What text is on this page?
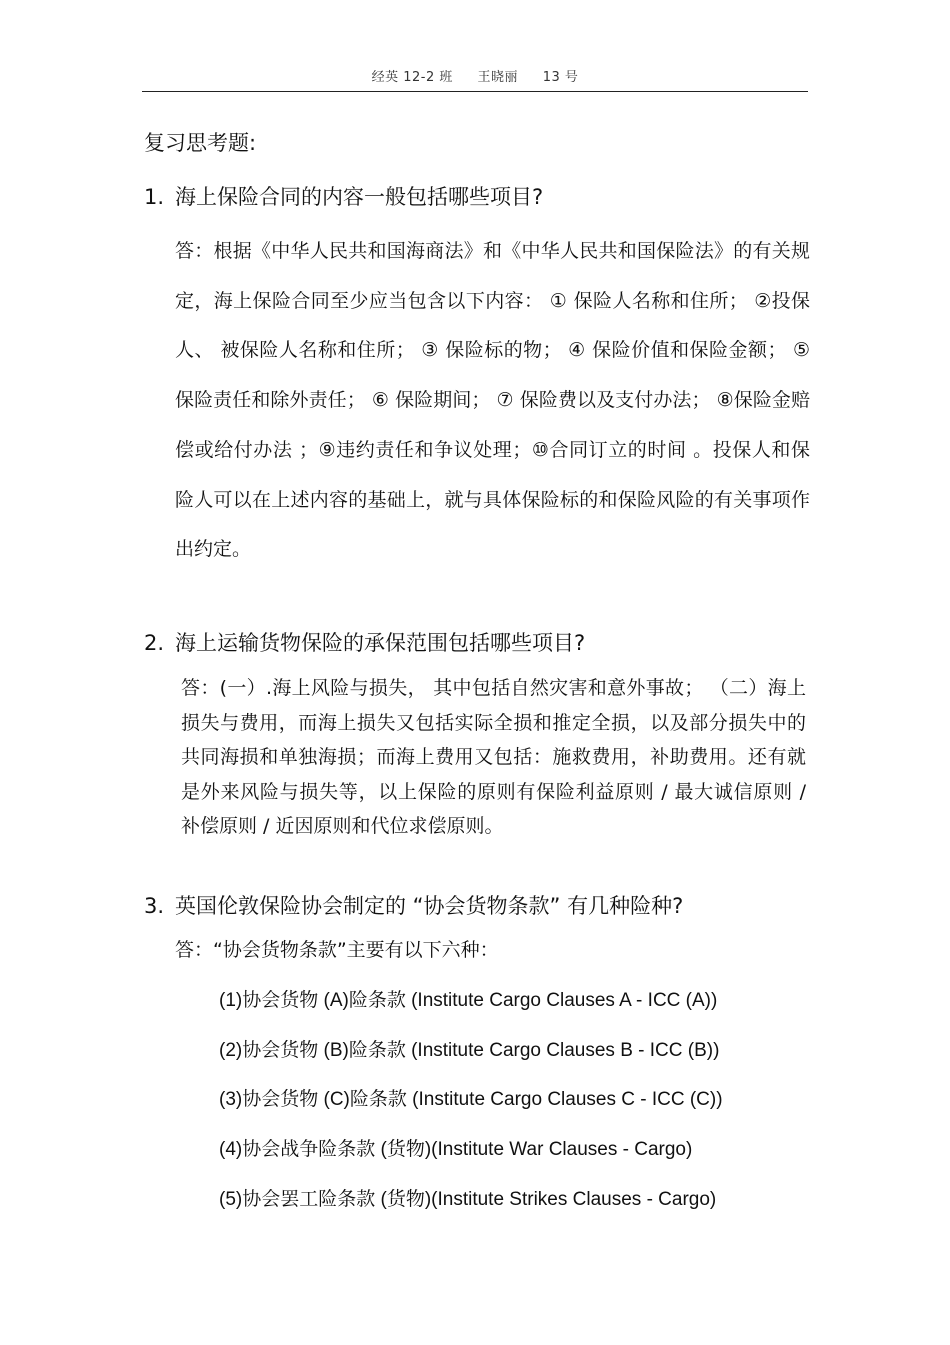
经英 12-2 班 王晓丽 13 号
复习思考题:
1. 海上保险合同的内容一般包括哪些项目?
答：根据《中华人民共和国海商法》和《中华人民共和国保险法》的有关规定，海上保险合同至少应当包含以下内容： ① 保险人名称和住所； ②投保人、 被保险人名称和住所； ③ 保险标的物； ④ 保险价值和保险金额； ⑤ 保险责任和除外责任； ⑥ 保险期间； ⑦ 保险费以及支付办法； ⑧保险金赔偿或给付办法 ；⑨违约责任和争议处理；⑩合同订立的时间 。投保人和保险人可以在上述内容的基础上，就与具体保险标的和保险风险的有关事项作出约定。
2. 海上运输货物保险的承保范围包括哪些项目?
答：(一）.海上风险与损失， 其中包括自然灾害和意外事故； （二）海上损失与费用，而海上损失又包括实际全损和推定全损，以及部分损失中的共同海损和单独海损；而海上费用又包括：施救费用，补助费用。还有就是外来风险与损失等，以上保险的原则有保险利益原则 / 最大诚信原则 / 补偿原则 / 近因原则和代位求偿原则。
3. 英国伦敦保险协会制定的 “协会货物条款” 有几种险种?
答：“协会货物条款”主要有以下六种：
(1)协会货物 (A)险条款 (Institute Cargo Clauses A - ICC (A))
(2)协会货物 (B)险条款 (Institute Cargo Clauses B - ICC (B))
(3)协会货物 (C)险条款 (Institute Cargo Clauses C - ICC (C))
(4)协会战争险条款 (货物)(Institute War Clauses - Cargo)
(5)协会罢工险条款 (货物)(Institute Strikes Clauses - Cargo)
